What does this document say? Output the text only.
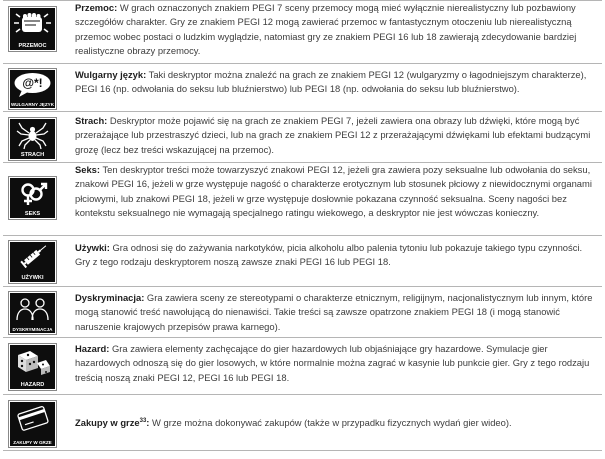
PRZEMOC
Przemoc: W grach oznaczonych znakiem PEGI 7 sceny przemocy mogą mieć wyłącznie nierealistyczny lub pozbawiony szczegółów charakter. Gry ze znakiem PEGI 12 mogą zawierać przemoc w fantastycznym otoczeniu lub nierealistyczną przemoc wobec postaci o ludzkim wyglądzie, natomiast gry ze znakiem PEGI 16 lub 18 zawierają zdecydowanie bardziej realistyczne obrazy przemocy.
@*!
WULGARNY JĘZYK
Wulgarny język: Taki deskryptor można znaleźć na grach ze znakiem PEGI 12 (wulgaryzmy o łagodniejszym charakterze), PEGI 16 (np. odwołania do seksu lub bluźnierstwo) lub PEGI 18 (np. odwołania do seksu lub bluźnierstwo).
STRACH
Strach: Deskryptor może pojawić się na grach ze znakiem PEGI 7, jeżeli zawiera ona obrazy lub dźwięki, które mogą być przerażające lub przestraszyć dzieci, lub na grach ze znakiem PEGI 12 z przerażającymi dźwiękami lub efektami budzącymi grozę (lecz bez treści wskazującej na przemoc).
SEKS
Seks: Ten deskryptor treści może towarzyszyć znakowi PEGI 12, jeżeli gra zawiera pozy seksualne lub odwołania do seksu, znakowi PEGI 16, jeżeli w grze występuje nagość o charakterze erotycznym lub stosunek płciowy z niewidocznymi organami płciowymi, lub znakowi PEGI 18, jeżeli w grze występuje dosłownie pokazana czynność seksualna. Sceny nagości bez kontekstu seksualnego nie wymagają specjalnego ratingu wiekowego, a deskryptor nie jest wówczas konieczny.
UŻYWKI
Używki: Gra odnosi się do zażywania narkotyków, picia alkoholu albo palenia tytoniu lub pokazuje takiego typu czynności. Gry z tego rodzaju deskryptorem noszą zawsze znaki PEGI 16 lub PEGI 18.
DYSKRYMINACJA
Dyskryminacja: Gra zawiera sceny ze stereotypami o charakterze etnicznym, religijnym, nacjonalistycznym lub innym, które mogą stanowić treść nawołującą do nienawiści. Takie treści są zawsze opatrzone znakiem PEGI 18 (i mogą stanowić naruszenie krajowych przepisów prawa karnego).
HAZARD
Hazard: Gra zawiera elementy zachęcające do gier hazardowych lub objaśniające gry hazardowe. Symulacje gier hazardowych odnoszą się do gier losowych, w które normalnie można zagrać w kasynie lub punkcie gier. Gry z tego rodzaju treścią noszą znaki PEGI 12, PEGI 16 lub PEGI 18.
ZAKUPY W GRZE
Zakupy w grze$^{33}$: W grze można dokonywać zakupów (także w przypadku fizycznych wydań gier wideo).
